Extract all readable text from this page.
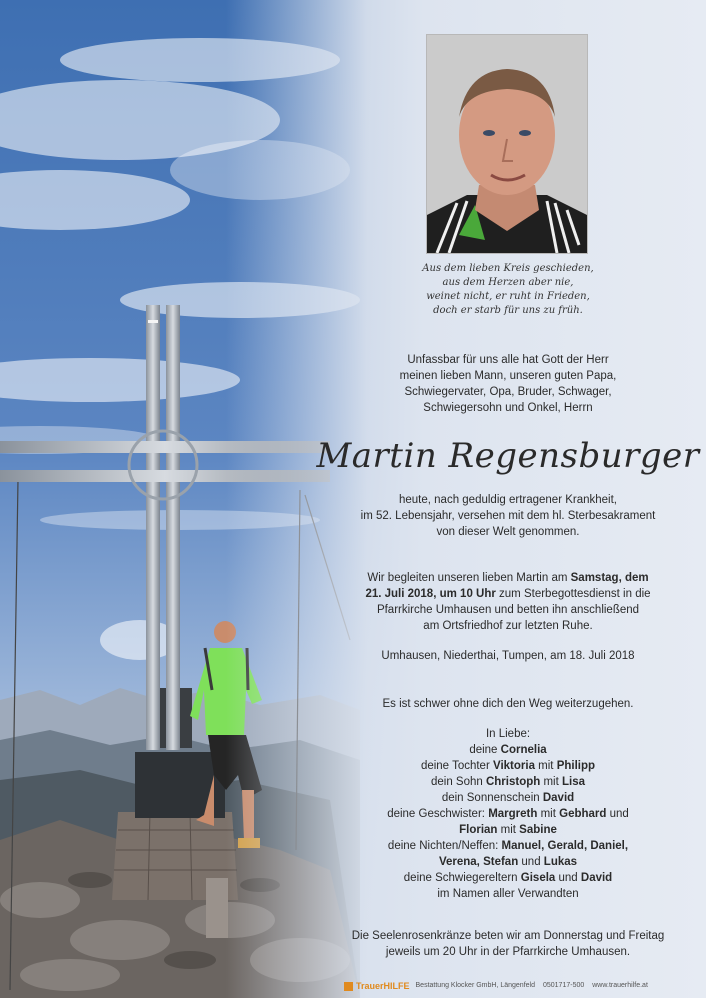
Aus dem lieben Kreis geschieden,
aus dem Herzen aber nie,
weinet nicht, er ruht in Frieden,
doch er starb für uns zu früh.
Unfassbar für uns alle hat Gott der Herr
meinen lieben Mann, unseren guten Papa,
Schwiegervater, Opa, Bruder, Schwager,
Schwiegersohn und Onkel, Herrn
Martin Regensburger
heute, nach geduldig ertragener Krankheit,
im 52. Lebensjahr, versehen mit dem hl. Sterbesakrament
von dieser Welt genommen.
Wir begleiten unseren lieben Martin am Samstag, dem
21. Juli 2018, um 10 Uhr zum Sterbegottesdienst in die
Pfarrkirche Umhausen und betten ihn anschließend
am Ortsfriedhof zur letzten Ruhe.
Umhausen, Niederthai, Tumpen, am 18. Juli 2018
Es ist schwer ohne dich den Weg weiterzugehen.
In Liebe:
deine Cornelia
deine Tochter Viktoria mit Philipp
dein Sohn Christoph mit Lisa
dein Sonnenschein David
deine Geschwister: Margreth mit Gebhard und
Florian mit Sabine
deine Nichten/Neffen: Manuel, Gerald, Daniel,
Verena, Stefan und Lukas
deine Schwiegereltern Gisela und David
im Namen aller Verwandten
Die Seelenrosenkränze beten wir am Donnerstag und Freitag
jeweils um 20 Uhr in der Pfarrkirche Umhausen.
TrauerHILFE Bestattung Klocker GmbH, Längenfeld 0501717-500 www.trauerhilfe.at
